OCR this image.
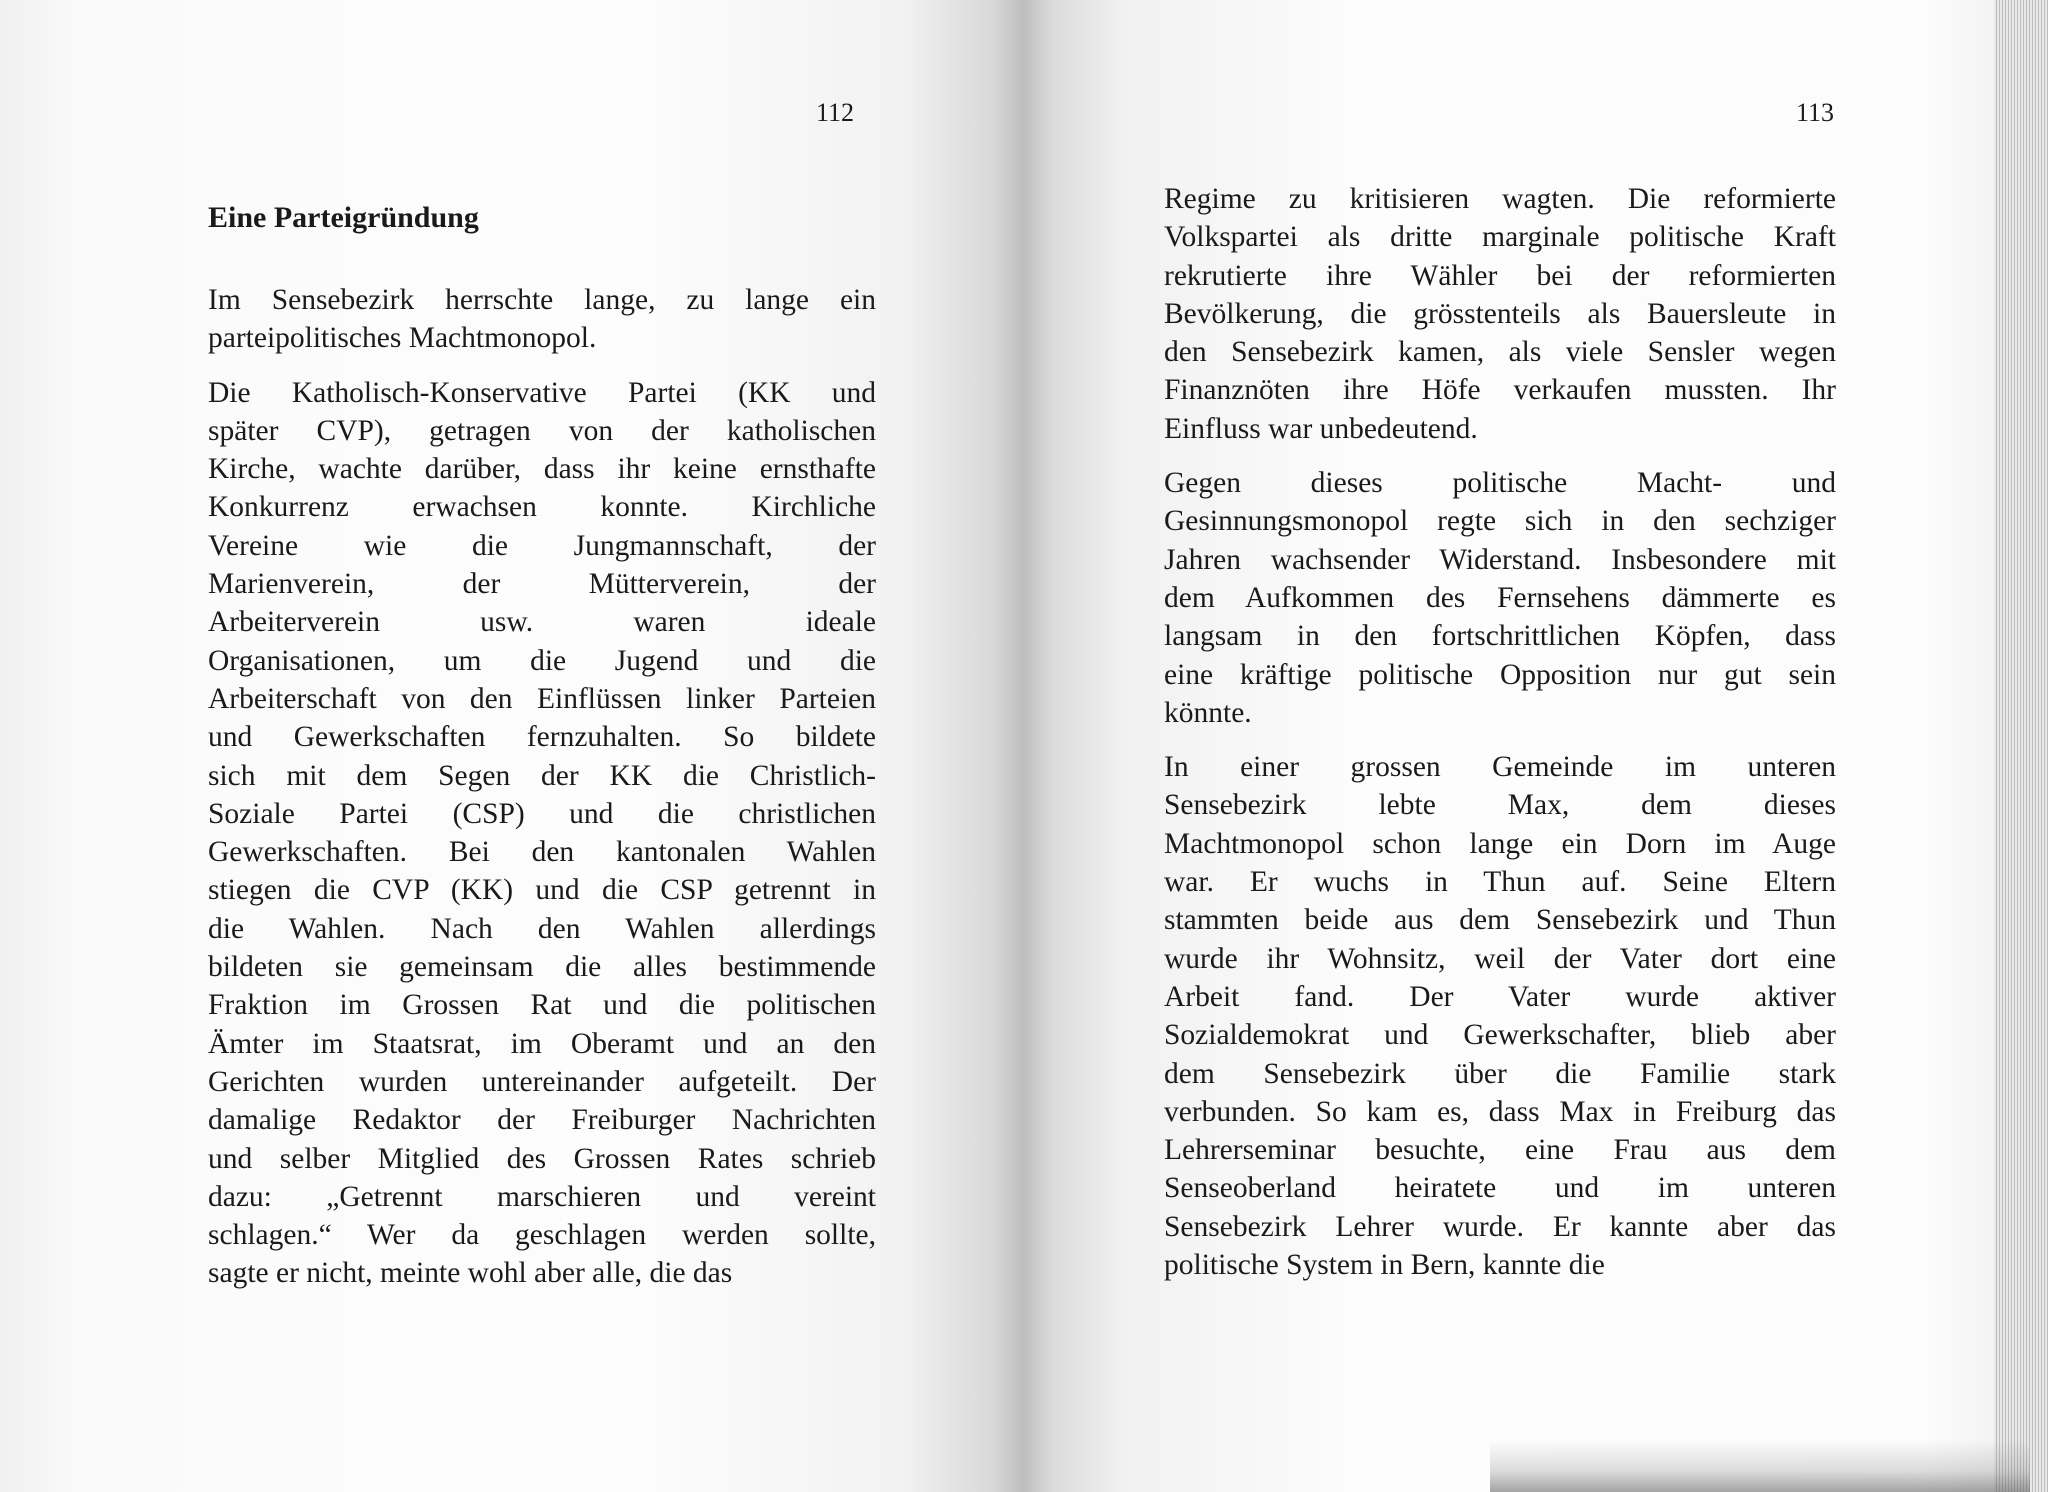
112	113
Eine Parteigründung
Im Sensebezirk herrschte lange, zu lange ein
parteipolitisches Machtmonopol.
Die Katholisch-Konservative Partei (KK und
später CVP), getragen von der katholischen
Kirche, wachte darüber, dass ihr keine ernsthafte
Konkurrenz erwachsen konnte. Kirchliche
Vereine wie die Jungmannschaft, der
Marienverein, der Mütterverein, der
Arbeiterverein usw. waren ideale
Organisationen, um die Jugend und die
Arbeiterschaft von den Einflüssen linker Parteien
und Gewerkschaften fernzuhalten. So bildete
sich mit dem Segen der KK die Christlich-
Soziale Partei (CSP) und die christlichen
Gewerkschaften. Bei den kantonalen Wahlen
stiegen die CVP (KK) und die CSP getrennt in
die Wahlen. Nach den Wahlen allerdings
bildeten sie gemeinsam die alles bestimmende
Fraktion im Grossen Rat und die politischen
Ämter im Staatsrat, im Oberamt und an den
Gerichten wurden untereinander aufgeteilt. Der
damalige Redaktor der Freiburger Nachrichten
und selber Mitglied des Grossen Rates schrieb
dazu: „Getrennt marschieren und vereint
schlagen.“ Wer da geschlagen werden sollte,
sagte er nicht, meinte wohl aber alle, die das
Regime zu kritisieren wagten. Die reformierte
Volkspartei als dritte marginale politische Kraft
rekrutierte ihre Wähler bei der reformierten
Bevölkerung, die grösstenteils als Bauersleute in
den Sensebezirk kamen, als viele Sensler wegen
Finanznöten ihre Höfe verkaufen mussten. Ihr
Einfluss war unbedeutend.
Gegen dieses politische Macht- und
Gesinnungsmonopol regte sich in den sechziger
Jahren wachsender Widerstand. Insbesondere mit
dem Aufkommen des Fernsehens dämmerte es
langsam in den fortschrittlichen Köpfen, dass
eine kräftige politische Opposition nur gut sein
könnte.
In einer grossen Gemeinde im unteren
Sensebezirk lebte Max, dem dieses
Machtmonopol schon lange ein Dorn im Auge
war. Er wuchs in Thun auf. Seine Eltern
stammten beide aus dem Sensebezirk und Thun
wurde ihr Wohnsitz, weil der Vater dort eine
Arbeit fand. Der Vater wurde aktiver
Sozialdemokrat und Gewerkschafter, blieb aber
dem Sensebezirk über die Familie stark
verbunden. So kam es, dass Max in Freiburg das
Lehrerseminar besuchte, eine Frau aus dem
Senseoberland heiratete und im unteren
Sensebezirk Lehrer wurde. Er kannte aber das
politische System in Bern, kannte die
